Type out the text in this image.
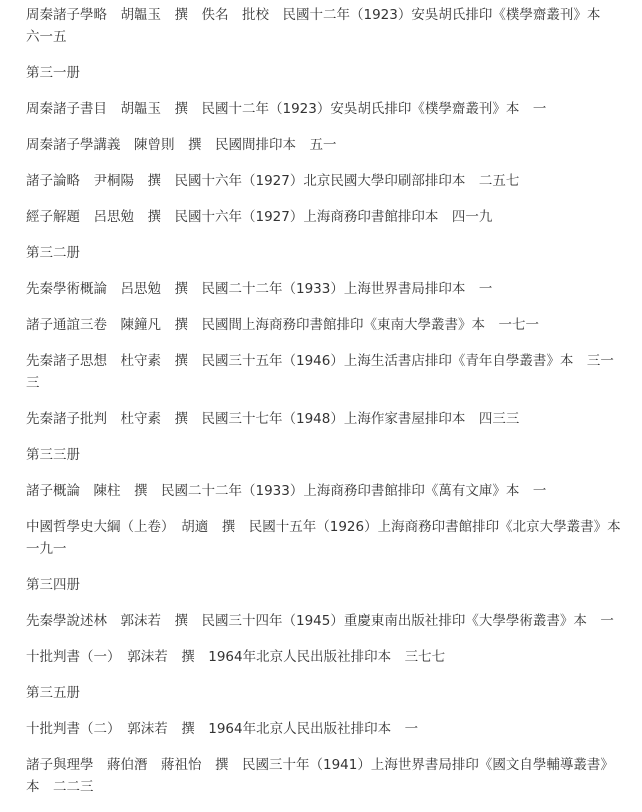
周秦諸子學略　胡韞玉　撰　佚名　批校　民國十二年（1923）安吳胡氏排印《樸學齋叢刊》本　六一五

第三一册

周秦諸子書目　胡韞玉　撰　民國十二年（1923）安吳胡氏排印《樸學齋叢刊》本　一

周秦諸子學講義　陳曾則　撰　民國間排印本　五一

諸子論略　尹桐陽　撰　民國十六年（1927）北京民國大學印刷部排印本　二五七

經子解題　呂思勉　撰　民國十六年（1927）上海商務印書館排印本　四一九

第三二册

先秦學術概論　呂思勉　撰　民國二十二年（1933）上海世界書局排印本　一

諸子通誼三卷　陳鐘凡　撰　民國間上海商務印書館排印《東南大學叢書》本　一七一

先秦諸子思想　杜守素　撰　民國三十五年（1946）上海生活書店排印《青年自學叢書》本　三一三

先秦諸子批判　杜守素　撰　民國三十七年（1948）上海作家書屋排印本　四三三

第三三册

諸子概論　陳柱　撰　民國二十二年（1933）上海商務印書館排印《萬有文庫》本　一

中國哲學史大綱（上卷）　胡適　撰　民國十五年（1926）上海商務印書館排印《北京大學叢書》本　一九一

第三四册

先秦學說述林　郭沫若　撰　民國三十四年（1945）重慶東南出版社排印《大學學術叢書》本　一

十批判書（一）　郭沫若　撰　1964年北京人民出版社排印本　三七七

第三五册

十批判書（二）　郭沫若　撰　1964年北京人民出版社排印本　一

諸子與理學　蔣伯潛　蔣祖怡　撰　民國三十年（1941）上海世界書局排印《國文自學輔導叢書》本　二二三
